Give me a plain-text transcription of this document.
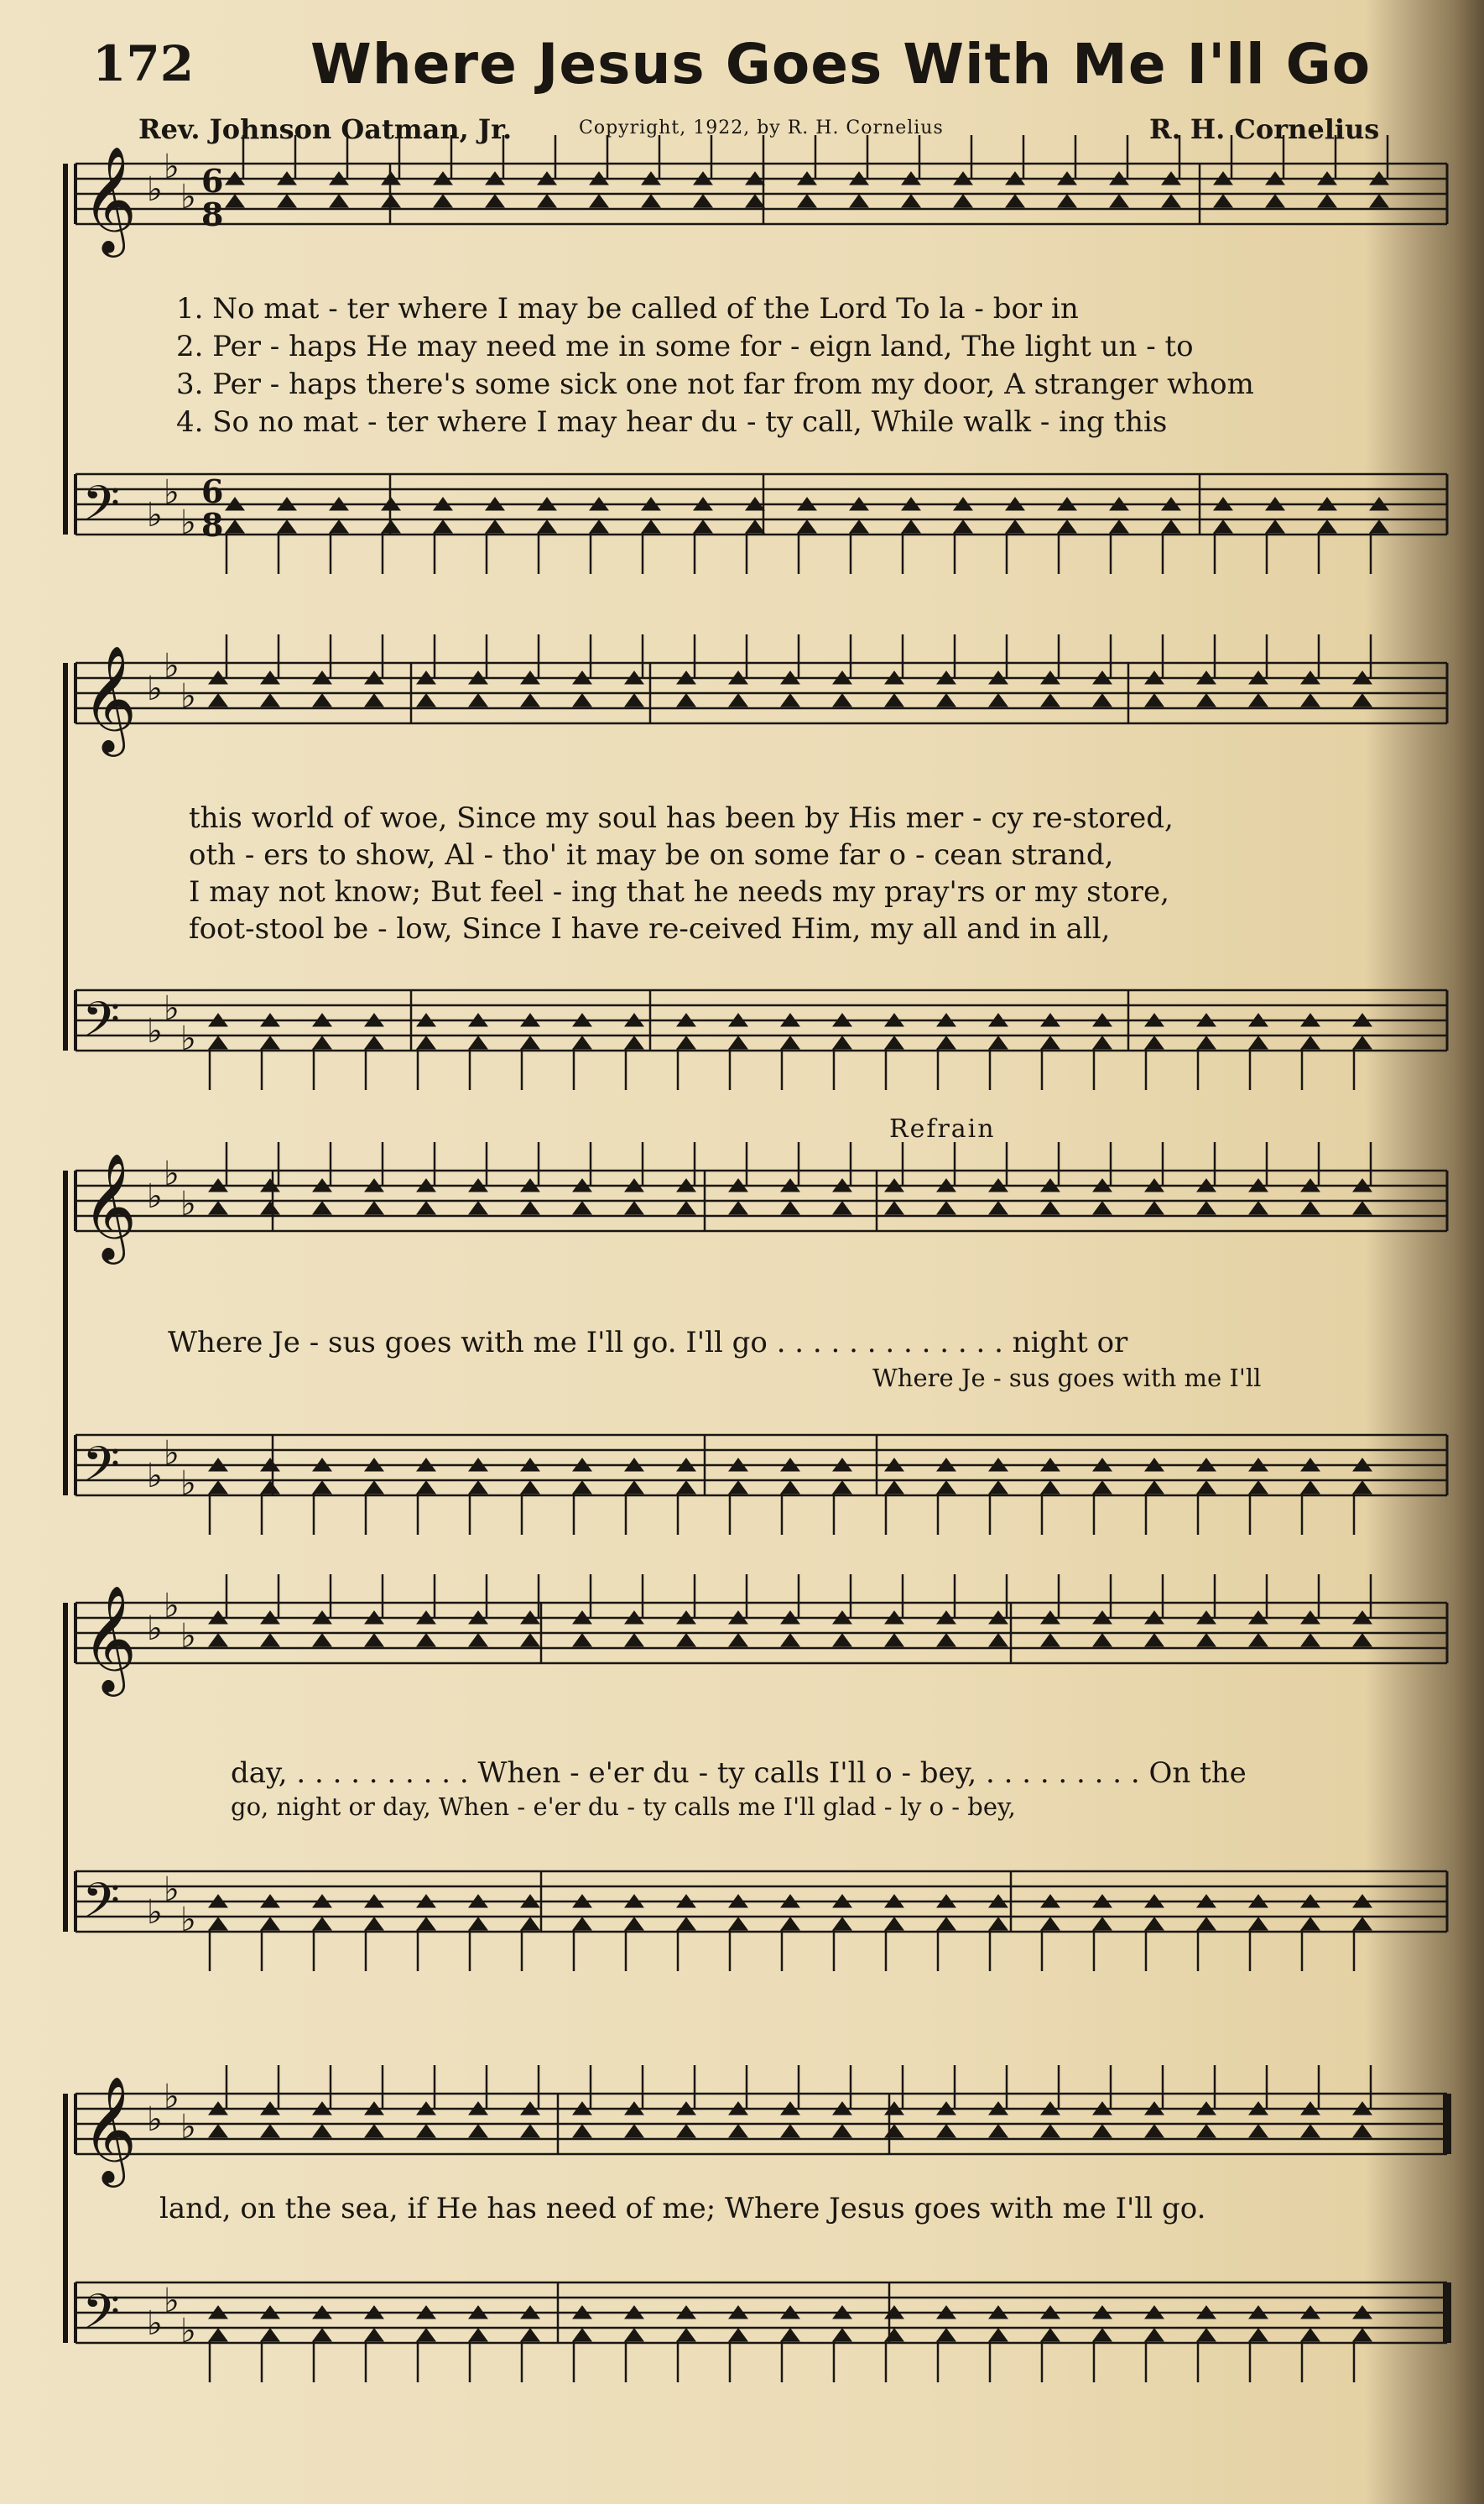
172 Where Jesus Goes With Me I'll Go
Rev. Johnson Oatman, Jr.	Copyright, 1922, by R. H. Cornelius	R. H. Cornelius
𝄞 ♭
♭
♭
𝄢 ♭
♭
♭
𝄞 ♭
♭
♭
𝄢 ♭
♭
♭
𝄞 ♭
♭
♭
𝄢 ♭
♭
♭
𝄞 ♭
♭
♭
𝄢 ♭
♭
♭
𝄞 ♭
♭
♭
𝄢 ♭
♭
♭
6
8
6
8
1. No mat - ter where I may be called of the Lord To la - bor in
2. Per - haps He may need me in some for - eign land, The light un - to
3. Per - haps there's some sick one not far from my door, A stranger whom
4. So no mat - ter where I may hear du - ty call, While walk - ing this
this world of woe, Since my soul has been by His mer - cy re-stored,
oth - ers to show, Al - tho' it may be on some far o - cean strand,
I may not know; But feel - ing that he needs my pray'rs or my store,
foot-stool be - low, Since I have re-ceived Him, my all and in all,
Refrain
Where Je - sus goes with me I'll go. I'll go . . . . . . . . . . . . . night or
Where Je - sus goes with me I'll
day, . . . . . . . . . . When - e'er du - ty calls I'll o - bey, . . . . . . . . . On the
go, night or day, When - e'er du - ty calls me I'll glad - ly o - bey,
land, on the sea, if He has need of me; Where Jesus goes with me I'll go.
